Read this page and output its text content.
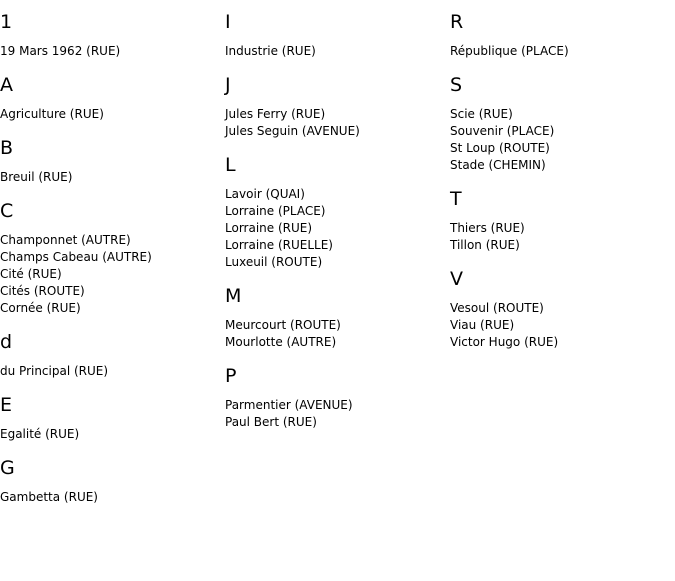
1
19 Mars 1962 (RUE)
A
Agriculture (RUE)
B
Breuil (RUE)
C
Champonnet (AUTRE)
Champs Cabeau (AUTRE)
Cité (RUE)
Cités (ROUTE)
Cornée (RUE)
d
du Principal (RUE)
E
Egalité (RUE)
G
Gambetta (RUE)
I
Industrie (RUE)
J
Jules Ferry (RUE)
Jules Seguin (AVENUE)
L
Lavoir (QUAI)
Lorraine (PLACE)
Lorraine (RUE)
Lorraine (RUELLE)
Luxeuil (ROUTE)
M
Meurcourt (ROUTE)
Mourlotte (AUTRE)
P
Parmentier (AVENUE)
Paul Bert (RUE)
R
République (PLACE)
S
Scie (RUE)
Souvenir (PLACE)
St Loup (ROUTE)
Stade (CHEMIN)
T
Thiers (RUE)
Tillon (RUE)
V
Vesoul (ROUTE)
Viau (RUE)
Victor Hugo (RUE)
